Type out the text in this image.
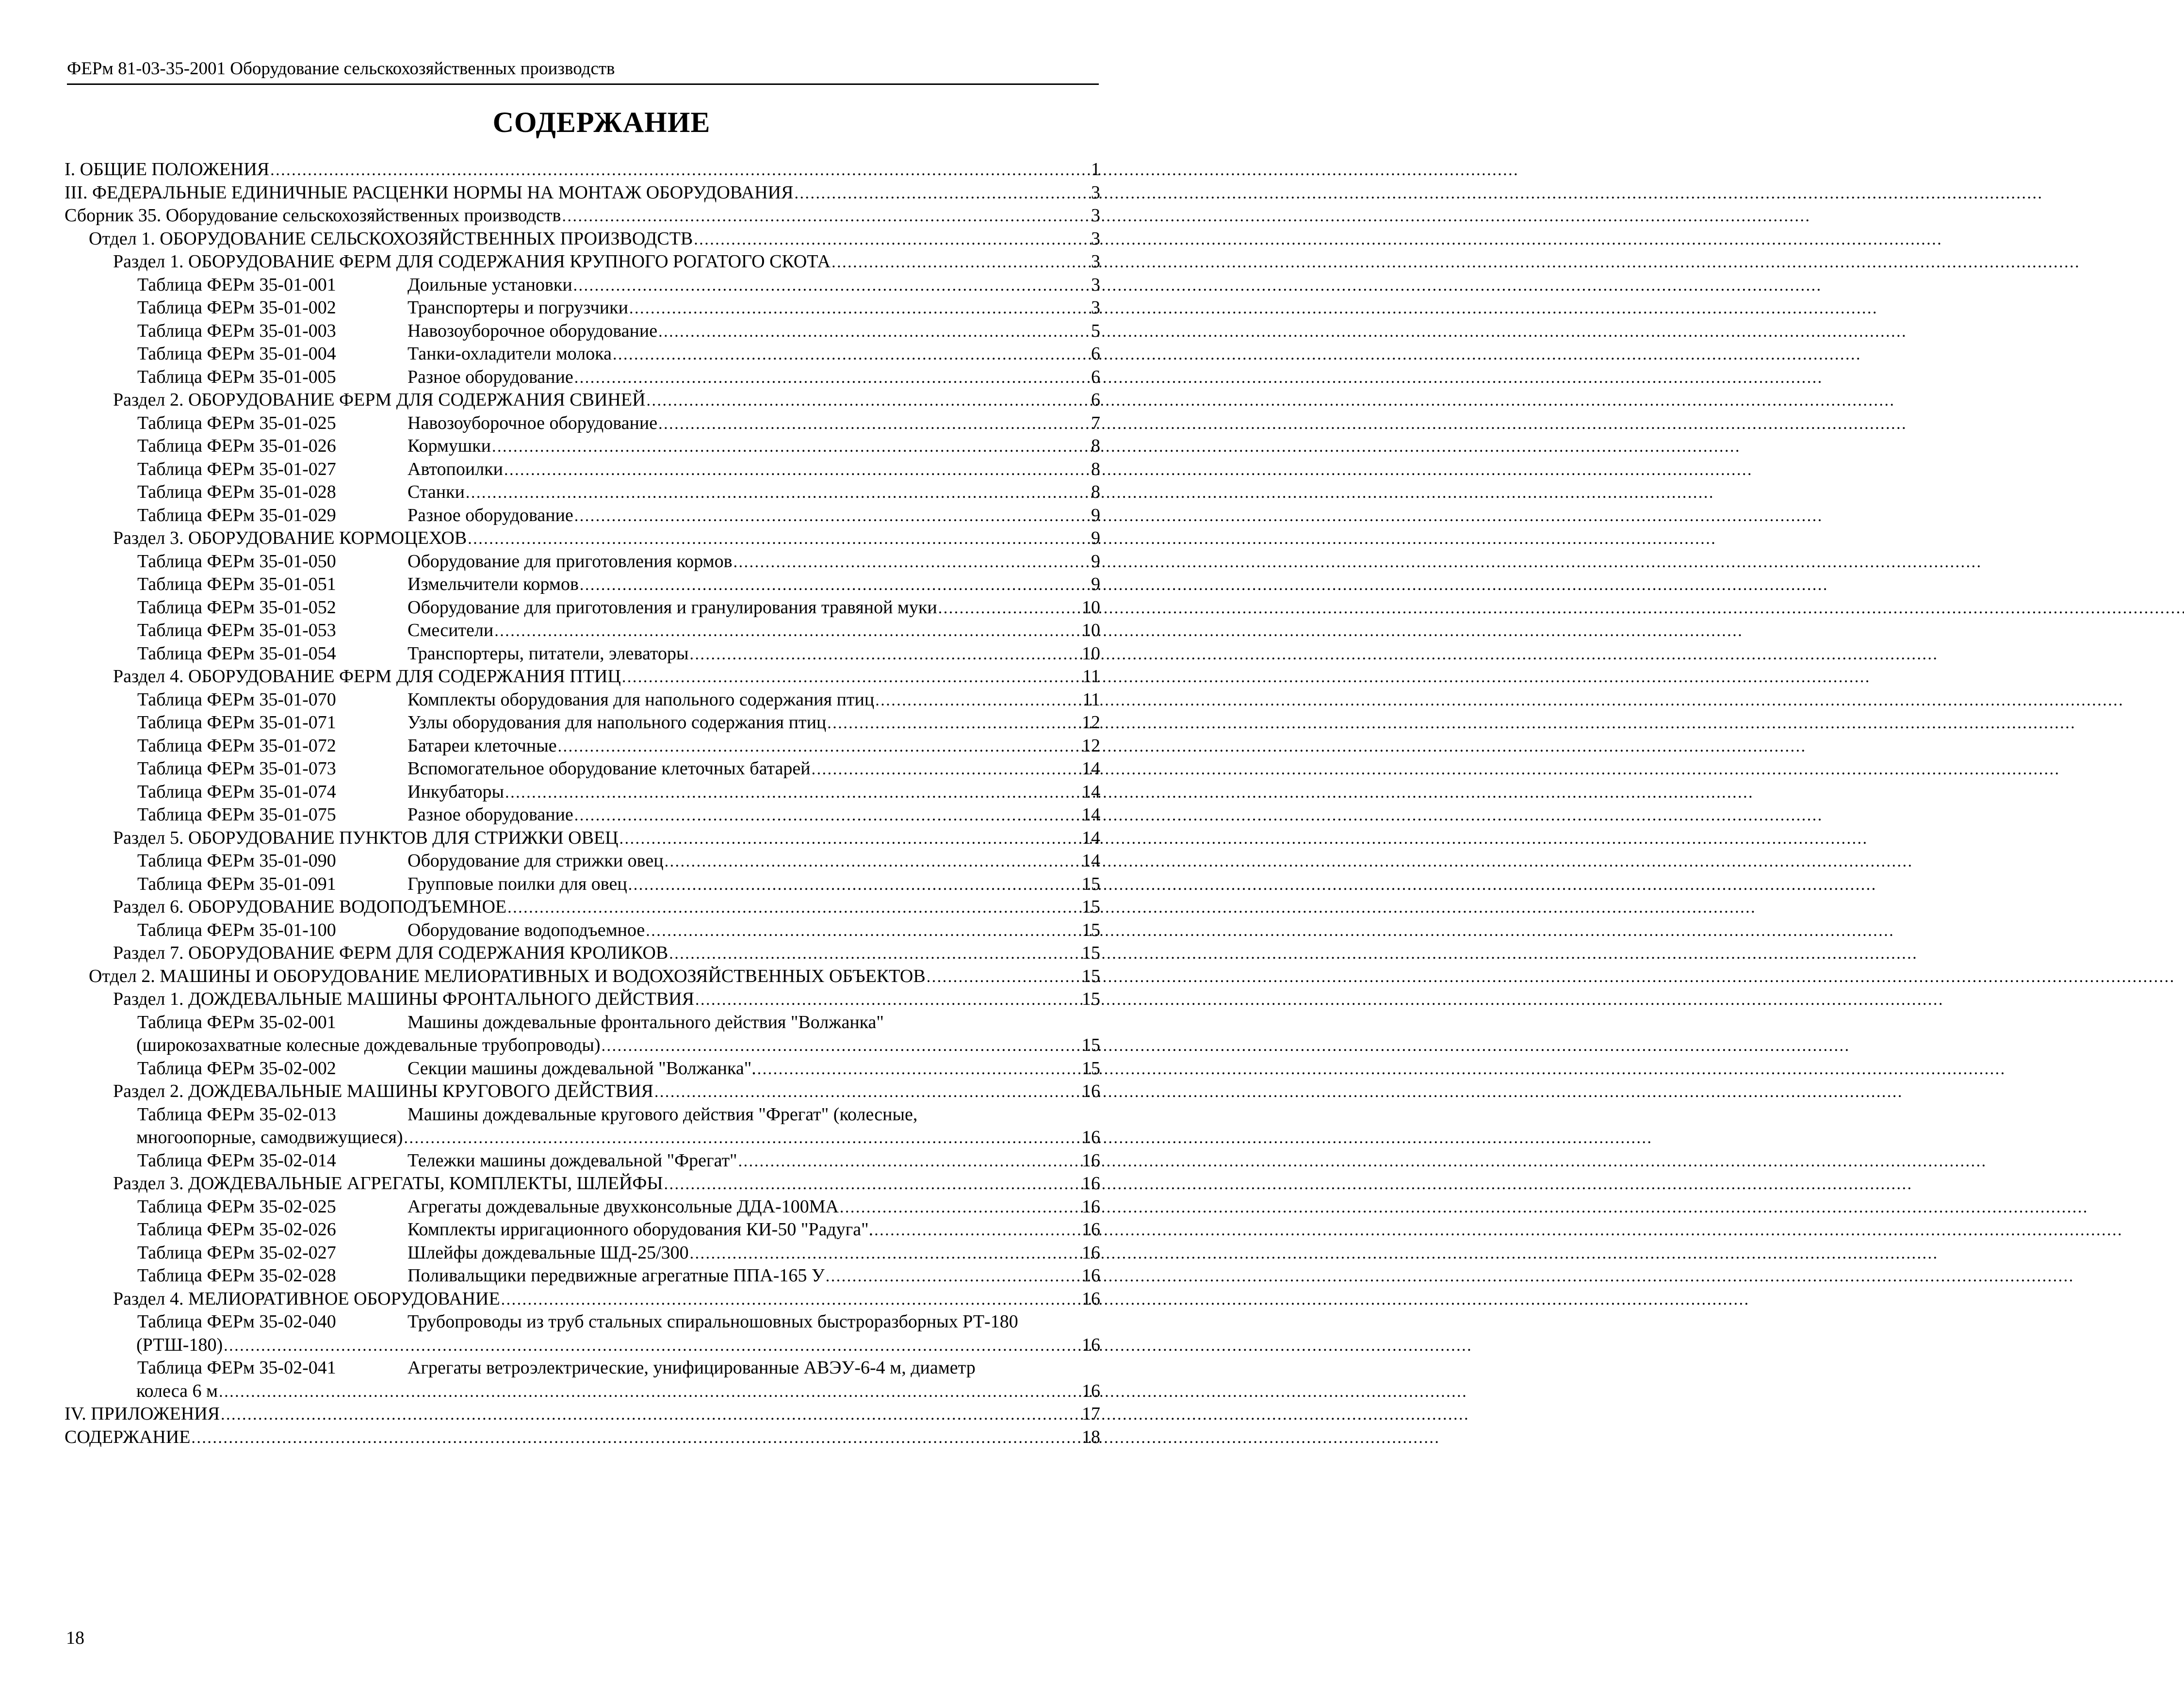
ФЕРм 81-03-35-2001 Оборудование сельскохозяйственных производств
СОДЕРЖАНИЕ
I. ОБЩИЕ ПОЛОЖЕНИЯ . . .	1
III. ФЕДЕРАЛЬНЫЕ ЕДИНИЧНЫЕ РАСЦЕНКИ НОРМЫ НА МОНТАЖ ОБОРУДОВАНИЯ . . .	3
Сборник 35. Оборудование сельскохозяйственных производств . . .	3
Отдел 1. ОБОРУДОВАНИЕ СЕЛЬСКОХОЗЯЙСТВЕННЫХ ПРОИЗВОДСТВ . . .	3
Раздел 1. ОБОРУДОВАНИЕ ФЕРМ ДЛЯ СОДЕРЖАНИЯ КРУПНОГО РОГАТОГО СКОТА . . .	3
Таблица ФЕРм 35-01-001	Доильные установки . . .	3
Таблица ФЕРм 35-01-002	Транспортеры и погрузчики . . .	3
Таблица ФЕРм 35-01-003	Навозоуборочное оборудование . . .	5
Таблица ФЕРм 35-01-004	Танки-охладители молока . . .	6
Таблица ФЕРм 35-01-005	Разное оборудование . . .	6
Раздел 2. ОБОРУДОВАНИЕ ФЕРМ ДЛЯ СОДЕРЖАНИЯ СВИНЕЙ . . .	6
Таблица ФЕРм 35-01-025	Навозоуборочное оборудование . . .	7
Таблица ФЕРм 35-01-026	Кормушки . . .	8
Таблица ФЕРм 35-01-027	Автопоилки . . .	8
Таблица ФЕРм 35-01-028	Станки . . .	8
Таблица ФЕРм 35-01-029	Разное оборудование . . .	9
Раздел 3. ОБОРУДОВАНИЕ КОРМОЦЕХОВ . . .	9
Таблица ФЕРм 35-01-050	Оборудование для приготовления кормов . . .	9
Таблица ФЕРм 35-01-051	Измельчители кормов . . .	9
Таблица ФЕРм 35-01-052	Оборудование для приготовления и гранулирования травяной муки . . .	10
Таблица ФЕРм 35-01-053	Смесители . . .	10
Таблица ФЕРм 35-01-054	Транспортеры, питатели, элеваторы . . .	10
Раздел 4. ОБОРУДОВАНИЕ ФЕРМ ДЛЯ СОДЕРЖАНИЯ ПТИЦ . . .	11
Таблица ФЕРм 35-01-070	Комплекты оборудования для напольного содержания птиц . . .	11
Таблица ФЕРм 35-01-071	Узлы оборудования для напольного содержания птиц . . .	12
Таблица ФЕРм 35-01-072	Батареи клеточные . . .	12
Таблица ФЕРм 35-01-073	Вспомогательное оборудование клеточных батарей . . .	14
Таблица ФЕРм 35-01-074	Инкубаторы . . .	14
Таблица ФЕРм 35-01-075	Разное оборудование . . .	14
Раздел 5. ОБОРУДОВАНИЕ ПУНКТОВ ДЛЯ СТРИЖКИ ОВЕЦ . . .	14
Таблица ФЕРм 35-01-090	Оборудование для стрижки овец . . .	14
Таблица ФЕРм 35-01-091	Групповые поилки для овец . . .	15
Раздел 6. ОБОРУДОВАНИЕ ВОДОПОДЪЕМНОЕ . . .	15
Таблица ФЕРм 35-01-100	Оборудование водоподъемное . . .	15
Раздел 7. ОБОРУДОВАНИЕ ФЕРМ ДЛЯ СОДЕРЖАНИЯ КРОЛИКОВ . . .	15
Отдел 2. МАШИНЫ И ОБОРУДОВАНИЕ МЕЛИОРАТИВНЫХ И ВОДОХОЗЯЙСТВЕННЫХ ОБЪЕКТОВ . . .	15
Раздел 1. ДОЖДЕВАЛЬНЫЕ МАШИНЫ ФРОНТАЛЬНОГО ДЕЙСТВИЯ . . .	15
Таблица ФЕРм 35-02-001	Машины дождевальные фронтального действия "Волжанка"
(широкозахватные колесные дождевальные трубопроводы) . . .	15
Таблица ФЕРм 35-02-002	Секции машины дождевальной "Волжанка". . . .	15
Раздел 2. ДОЖДЕВАЛЬНЫЕ МАШИНЫ КРУГОВОГО ДЕЙСТВИЯ . . .	16
Таблица ФЕРм 35-02-013	Машины дождевальные кругового действия "Фрегат" (колесные,
многоопорные, самодвижущиеся) . . .	16
Таблица ФЕРм 35-02-014	Тележки машины дождевальной "Фрегат" . . .	16
Раздел 3. ДОЖДЕВАЛЬНЫЕ АГРЕГАТЫ, КОМПЛЕКТЫ, ШЛЕЙФЫ . . .	16
Таблица ФЕРм 35-02-025	Агрегаты дождевальные двухконсольные ДДА-100МА . . .	16
Таблица ФЕРм 35-02-026	Комплекты ирригационного оборудования КИ-50 "Радуга". . . .	16
Таблица ФЕРм 35-02-027	Шлейфы дождевальные ШД-25/300 . . .	16
Таблица ФЕРм 35-02-028	Поливальщики передвижные агрегатные ППА-165 У . . .	16
Раздел 4. МЕЛИОРАТИВНОЕ ОБОРУДОВАНИЕ . . .	16
Таблица ФЕРм 35-02-040	Трубопроводы из труб стальных спиральношовных быстроразборных РТ-180
(РТШ-180) . . .	16
Таблица ФЕРм 35-02-041	Агрегаты ветроэлектрические, унифицированные АВЭУ-6-4 м, диаметр
колеса 6 м . . .	16
IV. ПРИЛОЖЕНИЯ . . .	17
СОДЕРЖАНИЕ . . .	18
18
